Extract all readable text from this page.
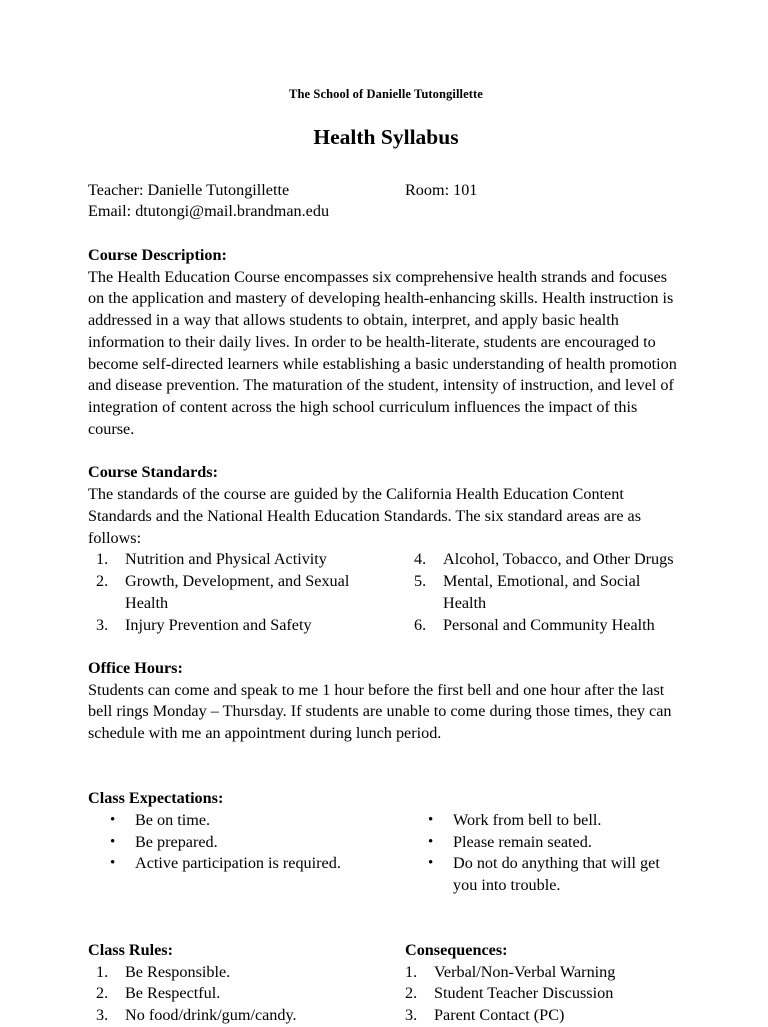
The School of Danielle Tutongillette
Health Syllabus
Teacher: Danielle Tutongillette	Room: 101
Email: dtutongi@mail.brandman.edu
Course Description:
The Health Education Course encompasses six comprehensive health strands and focuses on the application and mastery of developing health-enhancing skills. Health instruction is addressed in a way that allows students to obtain, interpret, and apply basic health information to their daily lives. In order to be health-literate, students are encouraged to become self-directed learners while establishing a basic understanding of health promotion and disease prevention. The maturation of the student, intensity of instruction, and level of integration of content across the high school curriculum influences the impact of this course.
Course Standards:
The standards of the course are guided by the California Health Education Content Standards and the National Health Education Standards. The six standard areas are as follows:
1.	Nutrition and Physical Activity
2.	Growth, Development, and Sexual Health
3.	Injury Prevention and Safety
4.	Alcohol, Tobacco, and Other Drugs
5.	Mental, Emotional, and Social Health
6.	Personal and Community Health
Office Hours:
Students can come and speak to me 1 hour before the first bell and one hour after the last bell rings Monday – Thursday. If students are unable to come during those times, they can schedule with me an appointment during lunch period.
Class Expectations:
• Be on time.
• Be prepared.
• Active participation is required.
• Work from bell to bell.
• Please remain seated.
• Do not do anything that will get you into trouble.
Class Rules:
1.	Be Responsible.
2.	Be Respectful.
3.	No food/drink/gum/candy.
Consequences:
1.	Verbal/Non-Verbal Warning
2.	Student Teacher Discussion
3.	Parent Contact (PC)
